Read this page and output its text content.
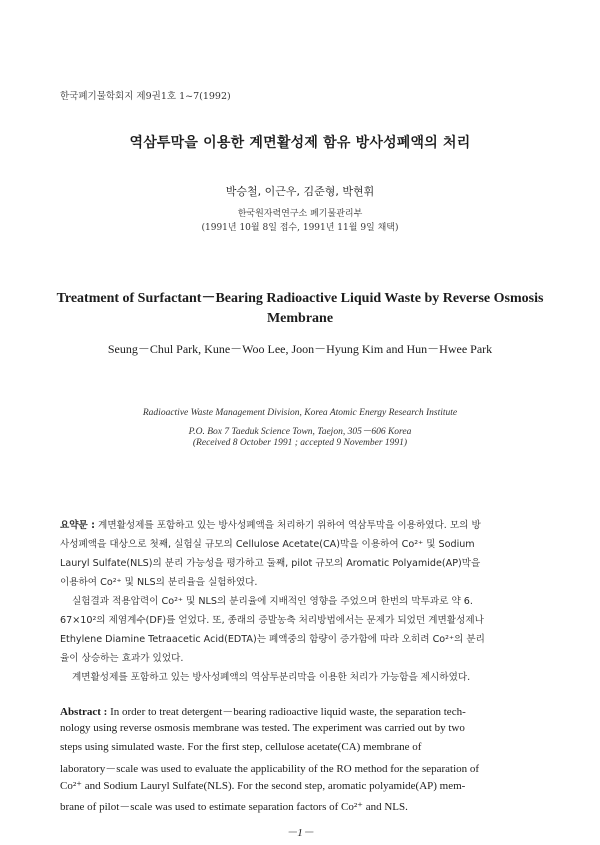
한국폐기물학회지 제9권1호 1~7(1992)
역삼투막을 이용한 계면활성제 함유 방사성폐액의 처리
박승철, 이근우, 김준형, 박현휘
한국원자력연구소 폐기물관리부
(1991년 10월 8일 접수, 1991년 11월 9일 채택)
Treatment of Surfactant－Bearing Radioactive Liquid Waste by Reverse Osmosis
Membrane
Seung－Chul Park, Kune－Woo Lee, Joon－Hyung Kim and Hun－Hwee Park
Radioactive Waste Management Division, Korea Atomic Energy Research Institute
P.O. Box 7 Taeduk Science Town, Taejon, 305－606 Korea
(Received 8 October 1991 ; accepted 9 November 1991)
요약문 : 계면활성제를 포함하고 있는 방사성폐액을 처리하기 위하여 역삼투막을 이용하였다. 모의 방
사성폐액을 대상으로 첫째, 실험실 규모의 Cellulose Acetate(CA)막을 이용하여 Co²⁺ 및 Sodium
Lauryl Sulfate(NLS)의 분리 가능성을 평가하고 둘째, pilot 규모의 Aromatic Polyamide(AP)막을
이용하여 Co²⁺ 및 NLS의 분리율을 실험하였다.
실험결과 적용압력이 Co²⁺ 및 NLS의 분리율에 지배적인 영향을 주었으며 한번의 막투과로 약 6.
67×10²의 제염계수(DF)를 얻었다. 또, 종래의 증발농축 처리방법에서는 문제가 되었던 계면활성제나
Ethylene Diamine Tetraacetic Acid(EDTA)는 폐액중의 함량이 증가함에 따라 오히려 Co²⁺의 분리
율이 상승하는 효과가 있었다.
계면활성제를 포함하고 있는 방사성폐액의 역삼투분리막을 이용한 처리가 가능함을 제시하였다.
Abstract : In order to treat detergent－bearing radioactive liquid waste, the separation tech-
nology using reverse osmosis membrane was tested. The experiment was carried out by two
steps using simulated waste. For the first step, cellulose acetate(CA) membrane of
laboratory－scale was used to evaluate the applicability of the RO method for the separation of
Co²⁺ and Sodium Lauryl Sulfate(NLS). For the second step, aromatic polyamide(AP) mem-
brane of pilot－scale was used to estimate separation factors of Co²⁺ and NLS.
－1－
